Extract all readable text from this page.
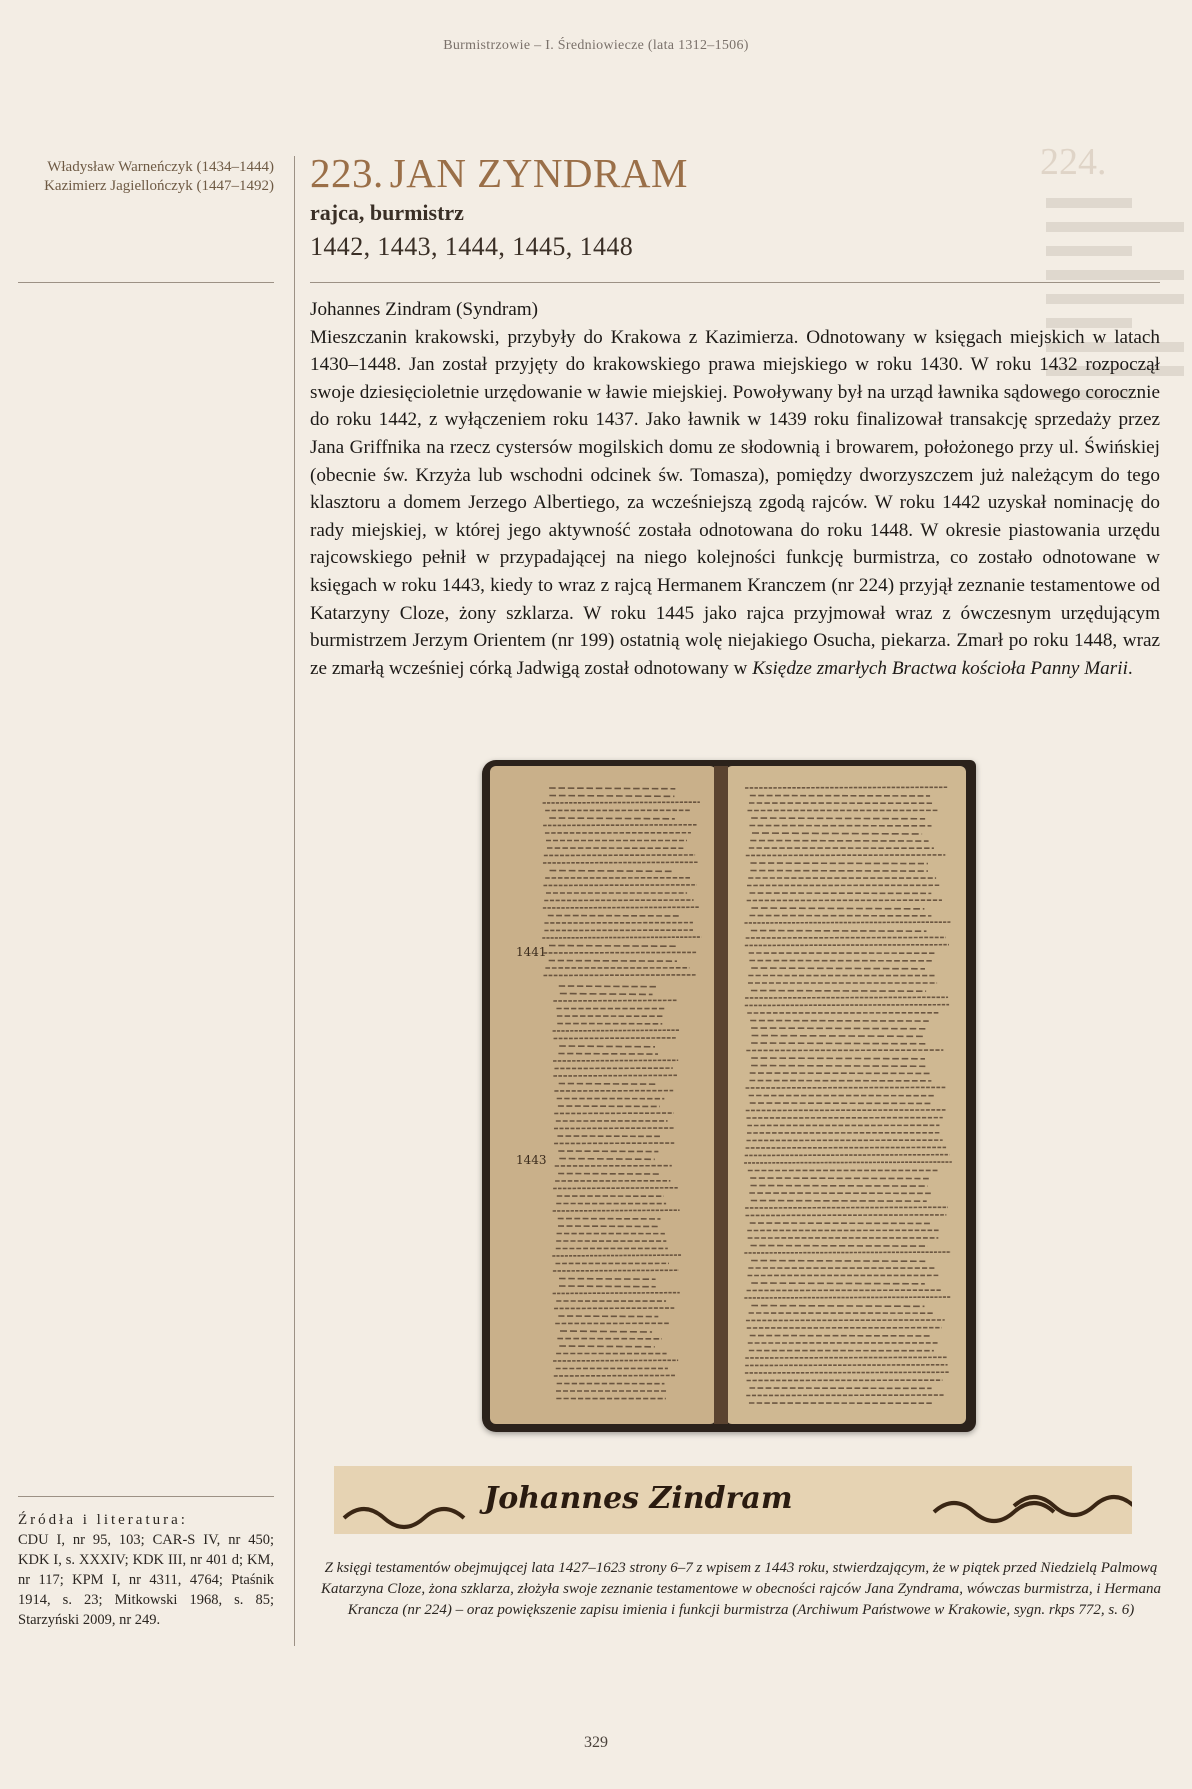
Burmistrzowie – I. Średniowiecze (lata 1312–1506)
224.
Władysław Warneńczyk (1434–1444)
Kazimierz Jagiellończyk (1447–1492) 223. JAN ZYNDRAM
rajca, burmistrz
1442, 1443, 1444, 1445, 1448
Johannes Zindram (Syndram)
Mieszczanin krakowski, przybyły do Krakowa z Kazimierza. Odnotowany w księgach miejskich w latach 1430–1448. Jan został przyjęty do krakowskiego prawa miejskiego w roku 1430. W roku 1432 rozpoczął swoje dziesięcioletnie urzędowanie w ławie miejskiej. Powoływany był na urząd ławnika sądowego corocznie do roku 1442, z wyłączeniem roku 1437. Jako ławnik w 1439 roku finalizował transakcję sprzedaży przez Jana Griffnika na rzecz cystersów mogilskich domu ze słodownią i browarem, położonego przy ul. Świńskiej (obecnie św. Krzyża lub wschodni odcinek św. Tomasza), pomiędzy dworzyszczem już należącym do tego klasztoru a domem Jerzego Albertiego, za wcześniejszą zgodą rajców. W roku 1442 uzyskał nominację do rady miejskiej, w której jego aktywność została odnotowana do roku 1448. W okresie piastowania urzędu rajcowskiego pełnił w przypadającej na niego kolejności funkcję burmistrza, co zostało odnotowane w księgach w roku 1443, kiedy to wraz z rajcą Hermanem Kranczem (nr 224) przyjął zeznanie testamentowe od Katarzyny Cloze, żony szklarza. W roku 1445 jako rajca przyjmował wraz z ówczesnym urzędującym burmistrzem Jerzym Orientem (nr 199) ostatnią wolę niejakiego Osucha, piekarza. Zmarł po roku 1448, wraz ze zmarłą wcześniej córką Jadwigą został odnotowany w Księdze zmarłych Bractwa kościoła Panny Marii.
1441
1443
Źródła i literatura:
CDU I, nr 95, 103; CAR-S IV, nr 450; KDK I, s. XXXIV; KDK III, nr 401 d; KM, nr 117; KPM I, nr 4311, 4764; Ptaśnik 1914, s. 23; Mitkowski 1968, s. 85; Starzyński 2009, nr 249.
Johannes Zindram
Z księgi testamentów obejmującej lata 1427–1623 strony 6–7 z wpisem z 1443 roku, stwierdzającym, że w piątek przed Niedzielą Palmową Katarzyna Cloze, żona szklarza, złożyła swoje zeznanie testamentowe w obecności rajców Jana Zyndrama, wówczas burmistrza, i Hermana Krancza (nr 224) – oraz powiększenie zapisu imienia i funkcji burmistrza (Archiwum Państwowe w Krakowie, sygn. rkps 772, s. 6)
329
